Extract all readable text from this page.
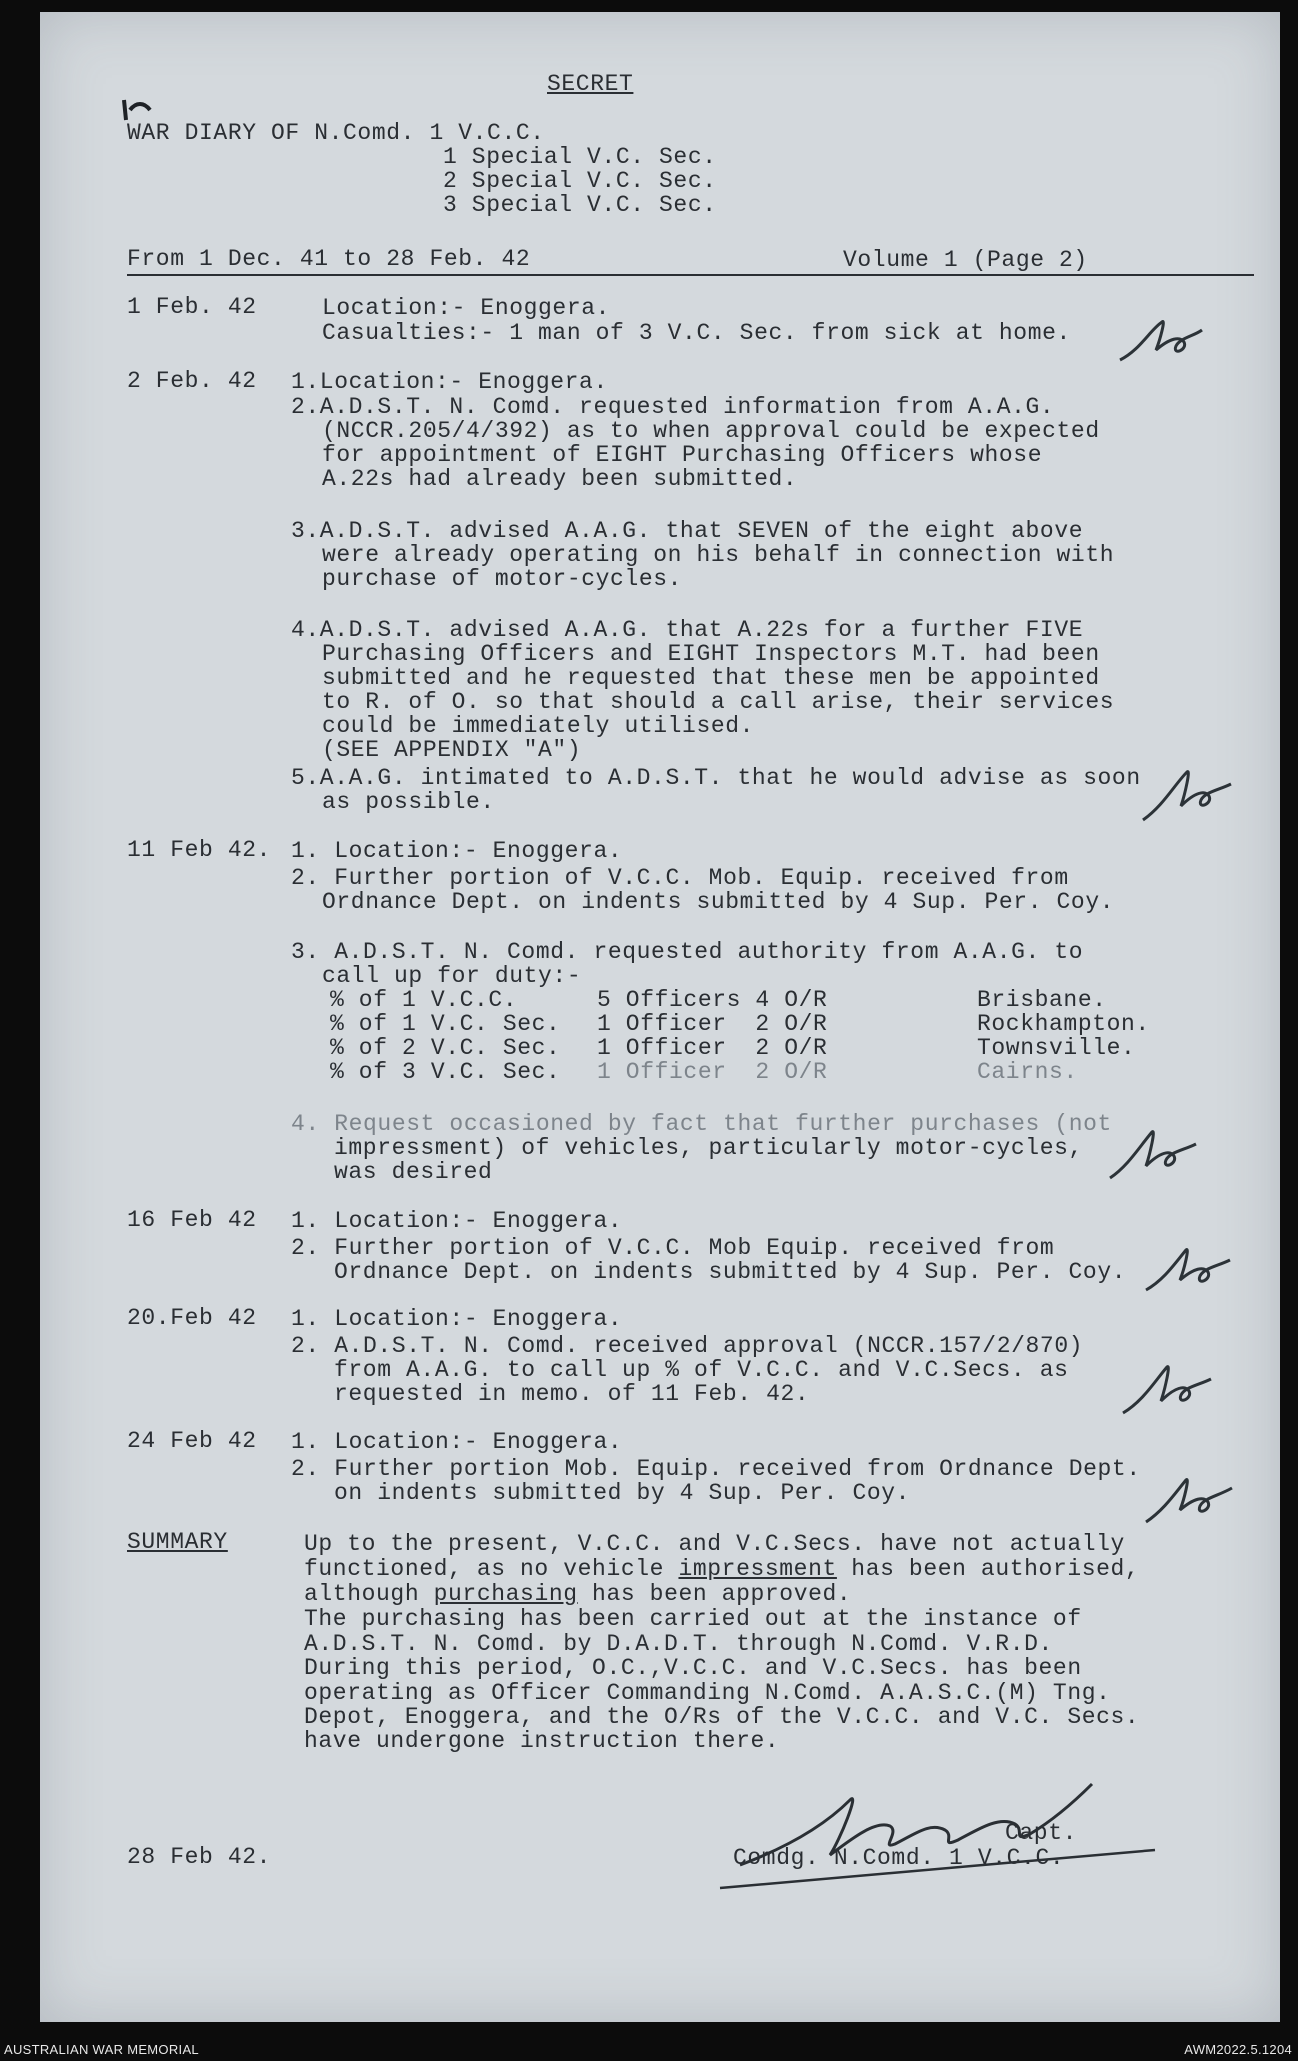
SECRET
WAR DIARY OF N.Comd. 1 V.C.C.
1 Special V.C. Sec.
2 Special V.C. Sec.
3 Special V.C. Sec.
From 1 Dec. 41 to 28 Feb. 42	Volume 1 (Page 2)
1 Feb. 42	Location:- Enoggera.
Casualties:- 1 man of 3 V.C. Sec. from sick at home.
2 Feb. 42 1.Location:- Enoggera.
2.A.D.S.T. N. Comd. requested information from A.A.G.
(NCCR.205/4/392) as to when approval could be expected
for appointment of EIGHT Purchasing Officers whose
A.22s had already been submitted.
3.A.D.S.T. advised A.A.G. that SEVEN of the eight above
were already operating on his behalf in connection with
purchase of motor-cycles.
4.A.D.S.T. advised A.A.G. that A.22s for a further FIVE
Purchasing Officers and EIGHT Inspectors M.T. had been
submitted and he requested that these men be appointed
to R. of O. so that should a call arise, their services
could be immediately utilised.
(SEE APPENDIX "A")
5.A.A.G. intimated to A.D.S.T. that he would advise as soon
as possible.
11 Feb 42. 1. Location:- Enoggera.
2. Further portion of V.C.C. Mob. Equip. received from
Ordnance Dept. on indents submitted by 4 Sup. Per. Coy.
3. A.D.S.T. N. Comd. requested authority from A.A.G. to
call up for duty:-
% of 1 V.C.C.	5 Officers 4 O/R	Brisbane.
% of 1 V.C. Sec. 1 Officer  2 O/R	Rockhampton.
% of 2 V.C. Sec. 1 Officer  2 O/R	Townsville.
% of 3 V.C. Sec. 1 Officer  2 O/R	Cairns.
4. Request occasioned by fact that further purchases (not
impressment) of vehicles, particularly motor-cycles,
was desired
16 Feb 42 1. Location:- Enoggera.
2. Further portion of V.C.C. Mob Equip. received from
Ordnance Dept. on indents submitted by 4 Sup. Per. Coy.
20.Feb 42 1. Location:- Enoggera.
2. A.D.S.T. N. Comd. received approval (NCCR.157/2/870)
from A.A.G. to call up % of V.C.C. and V.C.Secs. as
requested in memo. of 11 Feb. 42.
24 Feb 42 1. Location:- Enoggera.
2. Further portion Mob. Equip. received from Ordnance Dept.
on indents submitted by 4 Sup. Per. Coy.
SUMMARY	Up to the present, V.C.C. and V.C.Secs. have not actually
functioned, as no vehicle impressment has been authorised,
although purchasing has been approved.
The purchasing has been carried out at the instance of
A.D.S.T. N. Comd. by D.A.D.T. through N.Comd. V.R.D.
During this period, O.C.,V.C.C. and V.C.Secs. has been
operating as Officer Commanding N.Comd. A.A.S.C.(M) Tng.
Depot, Enoggera, and the O/Rs of the V.C.C. and V.C. Secs.
have undergone instruction there.
28 Feb 42.
Capt.
Comdg. N.Comd. 1 V.C.C.
AUSTRALIAN WAR MEMORIAL	AWM2022.5.1204
